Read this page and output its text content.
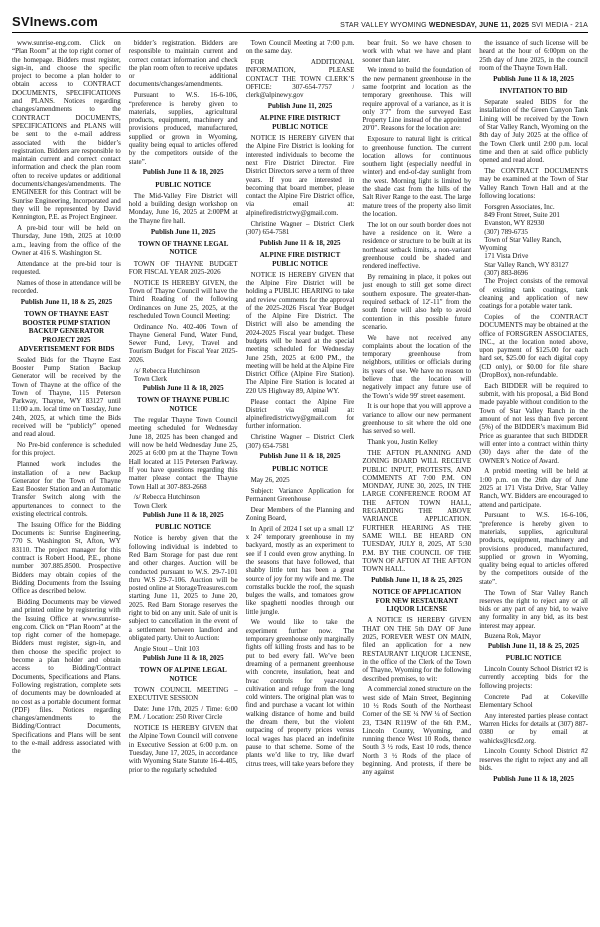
SVInews.com	STAR VALLEY WYOMING WEDNESDAY, JUNE 11, 2025 SVI MEDIA - 21A
www.sunrise-eng.com. Click on “Plan Room” at the top right corner of the homepage. Bidders must register, sign-in, and choose the specific project to become a plan holder to obtain access to CONTRACT DOCUMENTS, SPECIFICATIONS and PLANS. Notices regarding changes/amendments to the CONTRACT DOCUMENTS, SPECIFICATIONS and PLANS will be sent to the e-mail address associated with the bidder’s registration. Bidders are responsible to maintain current and correct contact information and check the plan room often to receive updates or additional documents/changes/amendments. The ENGINEER for this Contract will be Sunrise Engineering, Incorporated and they will be represented by David Kennington, P.E. as Project Engineer.
A pre-bid tour will be held on Thursday, June 19th, 2025 at 10:00 a.m., leaving from the office of the Owner at 416 S. Washington St.
Attendance at the pre-bid tour is requested.
Names of those in attendance will be recorded.
Publish June 11, 18 & 25, 2025
TOWN OF THAYNE EAST BOOSTER PUMP STATION BACKUP GENERATOR PROJECT 2025 ADVERTISEMENT FOR BIDS
Sealed Bids for the Thayne East Booster Pump Station Backup Generator will be received by the Town of Thayne at the office of the Town of Thayne, 115 Peterson Parkway, Thayne, WY 83127 until 11:00 a.m. local time on Tuesday, June 24th, 2025, at which time the Bids received will be “publicly” opened and read aloud.
No Pre-bid conference is scheduled for this project.
Planned work includes the installation of a new Backup Generator for the Town of Thayne East Booster Station and an Automatic Transfer Switch along with the appurtenances to connect to the existing electrical controls.
The Issuing Office for the Bidding Documents is: Sunrise Engineering, 770 S. Washington St, Afton, WY 83110. The project manager for this contract is Robert Hood, P.E., phone number 307.885.8500. Prospective Bidders may obtain copies of the Bidding Documents from the Issuing Office as described below.
Bidding Documents may be viewed and printed online by registering with the Issuing Office at www.sunrise-eng.com. Click on “Plan Room” at the top right corner of the homepage. Bidders must register, sign-in, and then choose the specific project to become a plan holder and obtain access to Bidding/Contract Documents, Specifications and Plans. Following registration, complete sets of documents may be downloaded at no cost as a portable document format (PDF) files. Notices regarding changes/amendments to the Bidding/Contract Documents, Specifications and Plans will be sent to the e-mail address associated with the
bidder’s registration. Bidders are responsible to maintain current and correct contact information and check the plan room often to receive updates or additional documents/changes/amendments.
Pursuant to W.S. 16-6-106, “preference is hereby given to materials, supplies, agricultural products, equipment, machinery and provisions produced, manufactured, supplied or grown in Wyoming, quality being equal to articles offered by the competitors outside of the state”.
Publish June 11 & 18, 2025
PUBLIC NOTICE
The Mid-Valley Fire District will hold a building design workshop on Monday, June 16, 2025 at 2:00PM at the Thayne fire hall.
Publish June 11, 2025
TOWN OF THAYNE LEGAL NOTICE
TOWN OF THAYNE BUDGET FOR FISCAL YEAR 2025-2026
NOTICE IS HEREBY GIVEN, the Town of Thayne Council will have the Third Reading of the following Ordinances on June 25, 2025, at the rescheduled Town Council Meeting:
Ordinance No. 402-406 Town of Thayne General Fund, Water Fund, Sewer Fund, Levy, Travel and Tourism Budget for Fiscal Year 2025-2026.
/s/ Rebecca Hutchinson
Town Clerk
Publish June 11 & 18, 2025
TOWN OF THAYNE PUBLIC NOTICE
The regular Thayne Town Council meeting scheduled for Wednesday June 18, 2025 has been changed and will now be held Wednesday June 25, 2025 at 6:00 pm at the Thayne Town Hall located at 115 Petersen Parkway. If you have questions regarding this matter please contact the Thayne Town Hall at 307-883-2668
/s/ Rebecca Hutchinson
Town Clerk
Publish June 11 & 18, 2025
PUBLIC NOTICE
Notice is hereby given that the following individual is indebted to Red Barn Storage for past due rent and other charges. Auction will be conducted pursuant to W.S. 29-7-101 thru W.S 29-7-106. Auction will be posted online at StorageTreasures.com starting June 11, 2025 to June 20, 2025. Red Barn Storage reserves the right to bid on any unit. Sale of unit is subject to cancellation in the event of a settlement between landlord and obligated party. Unit to Auction:
Angie Stout – Unit 103
Publish June 11 & 18, 2025
TOWN OF ALPINE LEGAL NOTICE
TOWN COUNCIL MEETING – EXECUTIVE SESSION
Date: June 17th, 2025 / Time: 6:00 P.M. / Location: 250 River Circle
NOTICE IS HEREBY GIVEN that the Alpine Town Council will convene in Executive Session at 6:00 p.m. on Tuesday, June 17, 2025, in accordance with Wyoming State Statute 16-4-405, prior to the regularly scheduled
Town Council Meeting at 7:00 p.m. on the same day.
FOR ADDITIONAL INFORMATION, PLEASE CONTACT THE TOWN CLERK’S OFFICE: 307-654-7757 / clerk@alpinewy.gov
Publish June 11, 2025
ALPINE FIRE DISTRICT PUBLIC NOTICE
NOTICE IS HEREBY GIVEN that the Alpine Fire District is looking for interested individuals to become the next Fire District Director. Fire District Directors serve a term of three years. If you are interested in becoming that board member, please contact the Alpine Fire District office, via email at: alpinefiredistrictwy@gmail.com.
Christine Wagner – District Clerk (307) 654-7581
Publish June 11 & 18, 2025
ALPINE FIRE DISTRICT PUBLIC NOTICE
NOTICE IS HEREBY GIVEN that the Alpine Fire District will be holding a PUBLIC HEARING to take and review comments for the approval of the 2025-2026 Fiscal Year Budget of the Alpine Fire District. The District will also be amending the 2024-2025 Fiscal year budget. These budgets will be heard at the special meeting scheduled for Wednesday June 25th, 2025 at 6:00 PM., the meeting will be held at the Alpine Fire District Office (Alpine Fire Station). The Alpine Fire Station is located at 220 US Highway 89, Alpine WY.
Please contact the Alpine Fire District via email at: alpinefiredistrictwy@gmail.com for further information.
Christine Wagner – District Clerk (307) 654-7581
Publish June 11 & 18, 2025
PUBLIC NOTICE
May 26, 2025
Subject: Variance Application for Permanent Greenhouse
Dear Members of the Planning and Zoning Board,
In April of 2024 I set up a small 12′ x 24′ temporary greenhouse in my backyard, mostly as an experiment to see if I could even grow anything. In the seasons that have followed, that shabby little tent has been a great source of joy for my wife and me. The cornstalks buckle the roof, the squash bulges the walls, and tomatoes grow like spaghetti noodles through our little jungle.
We would like to take the experiment further now. The temporary greenhouse only marginally fights off killing frosts and has to be put to bed every fall. We’ve been dreaming of a permanent greenhouse with concrete, insulation, heat and hvac controls for year-round cultivation and refuge from the long cold winters. The original plan was to find and purchase a vacant lot within walking distance of home and build the dream there, but the violent outpacing of property prices versus local wages has placed an indefinite pause to that scheme. Some of the plants we’d like to try, like dwarf citrus trees, will take years before they
bear fruit. So we have chosen to work with what we have and plant sooner than later.
We intend to build the foundation of the new permanent greenhouse in the same footprint and location as the temporary greenhouse. This will require approval of a variance, as it is only 3′7″ from the surveyed East Property Line instead of the appointed 20′0″. Reasons for the location are:
Exposure to natural light is critical to greenhouse function. The current location allows for continuous southern light (especially needful in winter) and end-of-day sunlight from the west. Morning light is limited by the shade cast from the hills of the Salt River Range to the east. The large mature trees of the property also limit the location.
The lot on our south border does not have a residence on it. Were a residence or structure to be built at its northeast setback limits, a non-variant greenhouse could be shaded and rendered ineffective.
By remaining in place, it pokes out just enough to still get some direct southern exposure. The greater-than-required setback of 12′-11″ from the south fence will also help to avoid contention in this possible future scenario.
We have not received any complaints about the location of the temporary greenhouse from neighbors, utilities or officials during its years of use. We have no reason to believe that the location will negatively impact any future use of the Town’s wide 99′ street easement.
It is our hope that you will approve a variance to allow our new permanent greenhouse to sit where the old one has served so well.
Thank you, Justin Kelley
THE AFTON PLANNING AND ZONING BOARD WILL RECEIVE PUBLIC INPUT, PROTESTS, AND COMMENTS AT 7:00 P.M. ON MONDAY, JUNE 30, 2025, IN THE LARGE CONFERENCE ROOM AT THE AFTON TOWN HALL, REGARDING THE ABOVE VARIANCE APPLICATION. FURTHER HEARING AS THE SAME WILL BE HEARD ON TUESDAY, JULY 8, 2025, AT 5:30 P.M. BY THE COUNCIL OF THE TOWN OF AFTON AT THE AFTON TOWN HALL.
Publish June 11, 18 & 25, 2025
NOTICE OF APPLICATION FOR NEW RESTAURANT LIQUOR LICENSE
A NOTICE IS HEREBY GIVEN THAT ON THE 5th DAY OF June 2025, FOREVER WEST ON MAIN, filed an application for a new RESTAURANT LIQUOR LICENSE, in the office of the Clerk of the Town of Thayne, Wyoming for the following described premises, to wit:
A commercial zoned structure on the west side of Main Street, Beginning 10 ½ Rods South of the Northeast Corner of the SE ¼ NW ¼ of Section 23, T34N R119W of the 6th P.M., Lincoln County, Wyoming, and running thence West 10 Rods, thence South 3 ½ rods, East 10 rods, thence North 3 ½ Rods of the place of beginning. And protests, if there be any against
the issuance of such license will be heard at the hour of 6:00pm on the 25th day of June 2025, in the council room of the Thayne Town Hall.
Publish June 11 & 18, 2025
INVITATION TO BID
Separate sealed BIDS for the installation of the Green Canyon Tank Lining will be received by the Town of Star Valley Ranch, Wyoming on the 8th day of July 2025 at the office of the Town Clerk until 2:00 p.m. local time and then at said office publicly opened and read aloud.
The CONTRACT DOCUMENTS may be examined at the Town of Star Valley Ranch Town Hall and at the following locations:
Forsgren Associates, Inc.
849 Front Street, Suite 201
Evanston, WY 82930
(307) 789-6735
Town of Star Valley Ranch, Wyoming
171 Vista Drive
Star Valley Ranch, WY 83127
(307) 883-8696
The Project consists of the removal of existing tank coatings, tank cleaning and application of new coatings for a potable water tank.
Copies of the CONTRACT DOCUMENTS may be obtained at the office of FORSGREN ASSOCIATES, INC., at the location noted above, upon payment of $125.00 for each hard set, $25.00 for each digital copy (CD only), or $0.00 for file share (DropBox), non-refundable.
Each BIDDER will be required to submit, with his proposal, a Bid Bond made payable without condition to the Town of Star Valley Ranch in the amount of not less than five percent (5%) of the BIDDER’s maximum Bid Price as guarantee that such BIDDER will enter into a contract within thirty (30) days after the date of the OWNER’s Notice of Award.
A prebid meeting will be held at 1:00 p.m. on the 26th day of June 2025 at 171 Vista Drive, Star Valley Ranch, WY. Bidders are encouraged to attend and participate.
Pursuant to W.S. 16-6-106, “preference is hereby given to materials, supplies, agricultural products, equipment, machinery and provisions produced, manufactured, supplied or grown in Wyoming, quality being equal to articles offered by the competitors outside of the state”.
The Town of Star Valley Ranch reserves the right to reject any or all bids or any part of any bid, to waive any formality in any bid, as its best interest may appear.
Buzena Rok, Mayor
Publish June 11, 18 & 25, 2025
PUBLIC NOTICE
Lincoln County School District #2 is currently accepting bids for the following projects:
Concrete Pad at Cokeville Elementary School
Any interested parties please contact Warren Hicks for details at (307) 887-0380 or by email at wahicks@lcsd2.org.
Lincoln County School District #2 reserves the right to reject any and all bids.
Publish June 11 & 18, 2025
